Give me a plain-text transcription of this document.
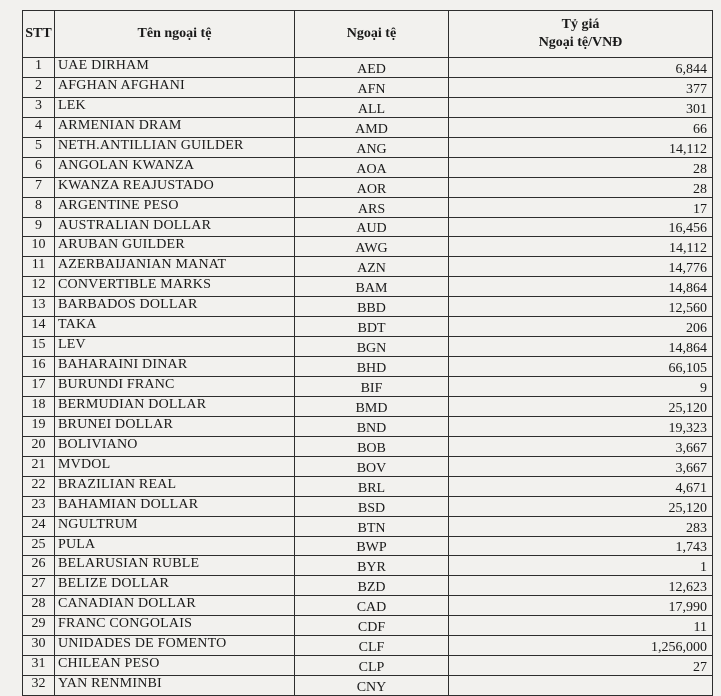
STT	Tên ngoại tệ	Ngoại tệ	Tỷ giá
Ngoại tệ/VNĐ

1	UAE DIRHAM	AED	6,844
2	AFGHAN AFGHANI	AFN	377
3	LEK	ALL	301
4	ARMENIAN DRAM	AMD	66
5	NETH.ANTILLIAN GUILDER	ANG	14,112
6	ANGOLAN KWANZA	AOA	28
7	KWANZA REAJUSTADO	AOR	28
8	ARGENTINE PESO	ARS	17
9	AUSTRALIAN DOLLAR	AUD	16,456
10	ARUBAN GUILDER	AWG	14,112
11	AZERBAIJANIAN MANAT	AZN	14,776
12	CONVERTIBLE MARKS	BAM	14,864
13	BARBADOS DOLLAR	BBD	12,560
14	TAKA	BDT	206
15	LEV	BGN	14,864
16	BAHARAINI DINAR	BHD	66,105
17	BURUNDI FRANC	BIF	9
18	BERMUDIAN DOLLAR	BMD	25,120
19	BRUNEI DOLLAR	BND	19,323
20	BOLIVIANO	BOB	3,667
21	MVDOL	BOV	3,667
22	BRAZILIAN REAL	BRL	4,671
23	BAHAMIAN DOLLAR	BSD	25,120
24	NGULTRUM	BTN	283
25	PULA	BWP	1,743
26	BELARUSIAN RUBLE	BYR	1
27	BELIZE DOLLAR	BZD	12,623
28	CANADIAN DOLLAR	CAD	17,990
29	FRANC CONGOLAIS	CDF	11
30	UNIDADES DE FOMENTO	CLF	1,256,000
31	CHILEAN PESO	CLP	27
32	YAN RENMINBI	CNY	
